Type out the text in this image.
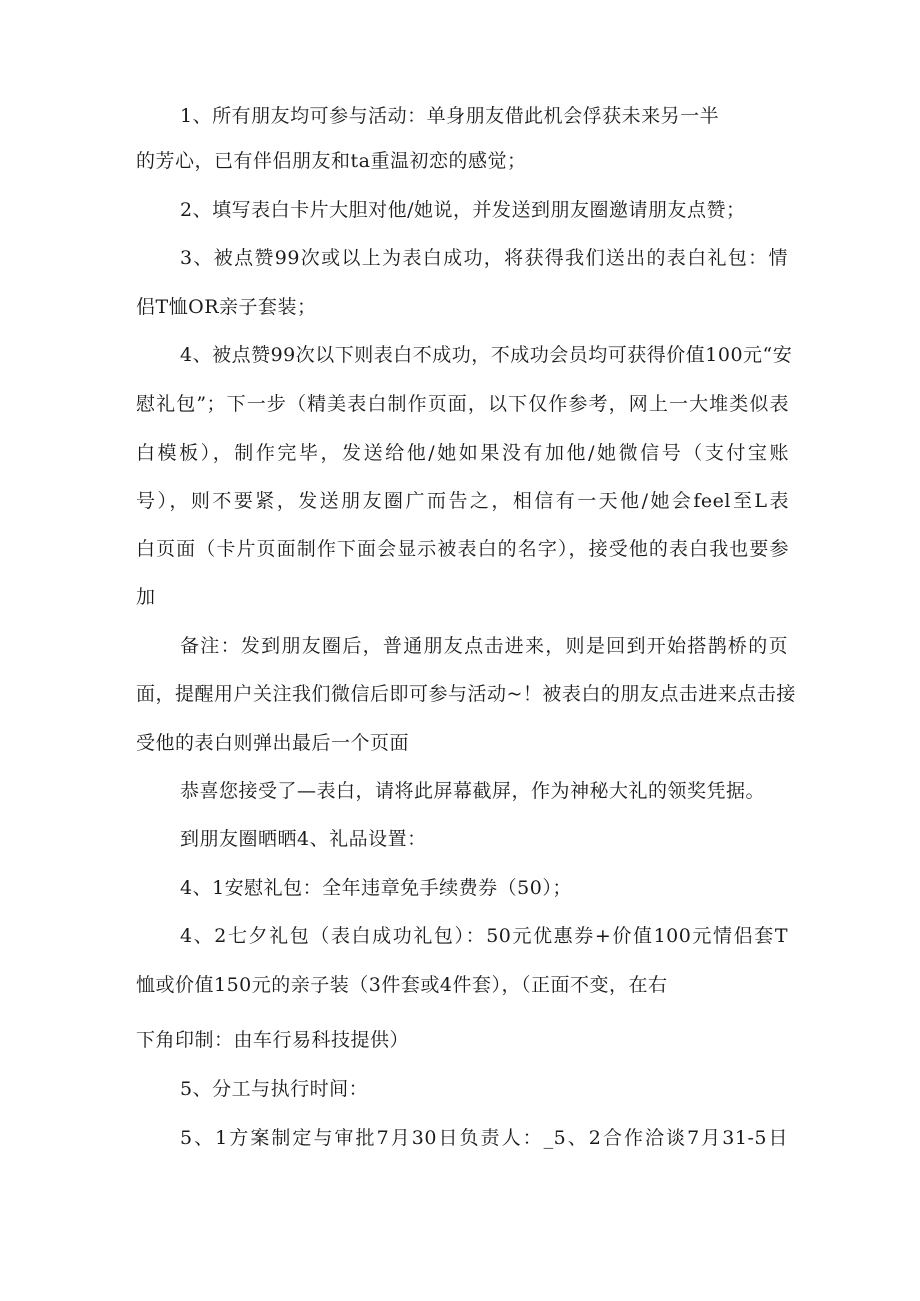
1、所有朋友均可参与活动：单身朋友借此机会俘获未来另一半
的芳心，已有伴侣朋友和ta重温初恋的感觉；
2、填写表白卡片大胆对他/她说，并发送到朋友圈邀请朋友点赞；
3、被点赞99次或以上为表白成功，将获得我们送出的表白礼包：情
侣T恤OR亲子套装；
4、被点赞99次以下则表白不成功，不成功会员均可获得价值100元“安
慰礼包”；下一步（精美表白制作页面，以下仅作参考，网上一大堆类似表
白模板），制作完毕，发送给他/她如果没有加他/她微信号（支付宝账
号），则不要紧，发送朋友圈广而告之，相信有一天他/她会feel至L表
白页面（卡片页面制作下面会显示被表白的名字），接受他的表白我也要参
加
备注：发到朋友圈后，普通朋友点击进来，则是回到开始搭鹊桥的页
面，提醒用户关注我们微信后即可参与活动~！被表白的朋友点击进来点击接
受他的表白则弹出最后一个页面
恭喜您接受了—表白，请将此屏幕截屏，作为神秘大礼的领奖凭据。
到朋友圈晒晒4、礼品设置：
4、1安慰礼包：全年违章免手续费券（50）；
4、2七夕礼包（表白成功礼包）：50元优惠券+价值100元情侣套T
恤或价值150元的亲子装（3件套或4件套），（正面不变，在右
下角印制：由车行易科技提供）
5、分工与执行时间：
5、1方案制定与审批7月30日负责人：_5、2合作洽谈7月31-5日
